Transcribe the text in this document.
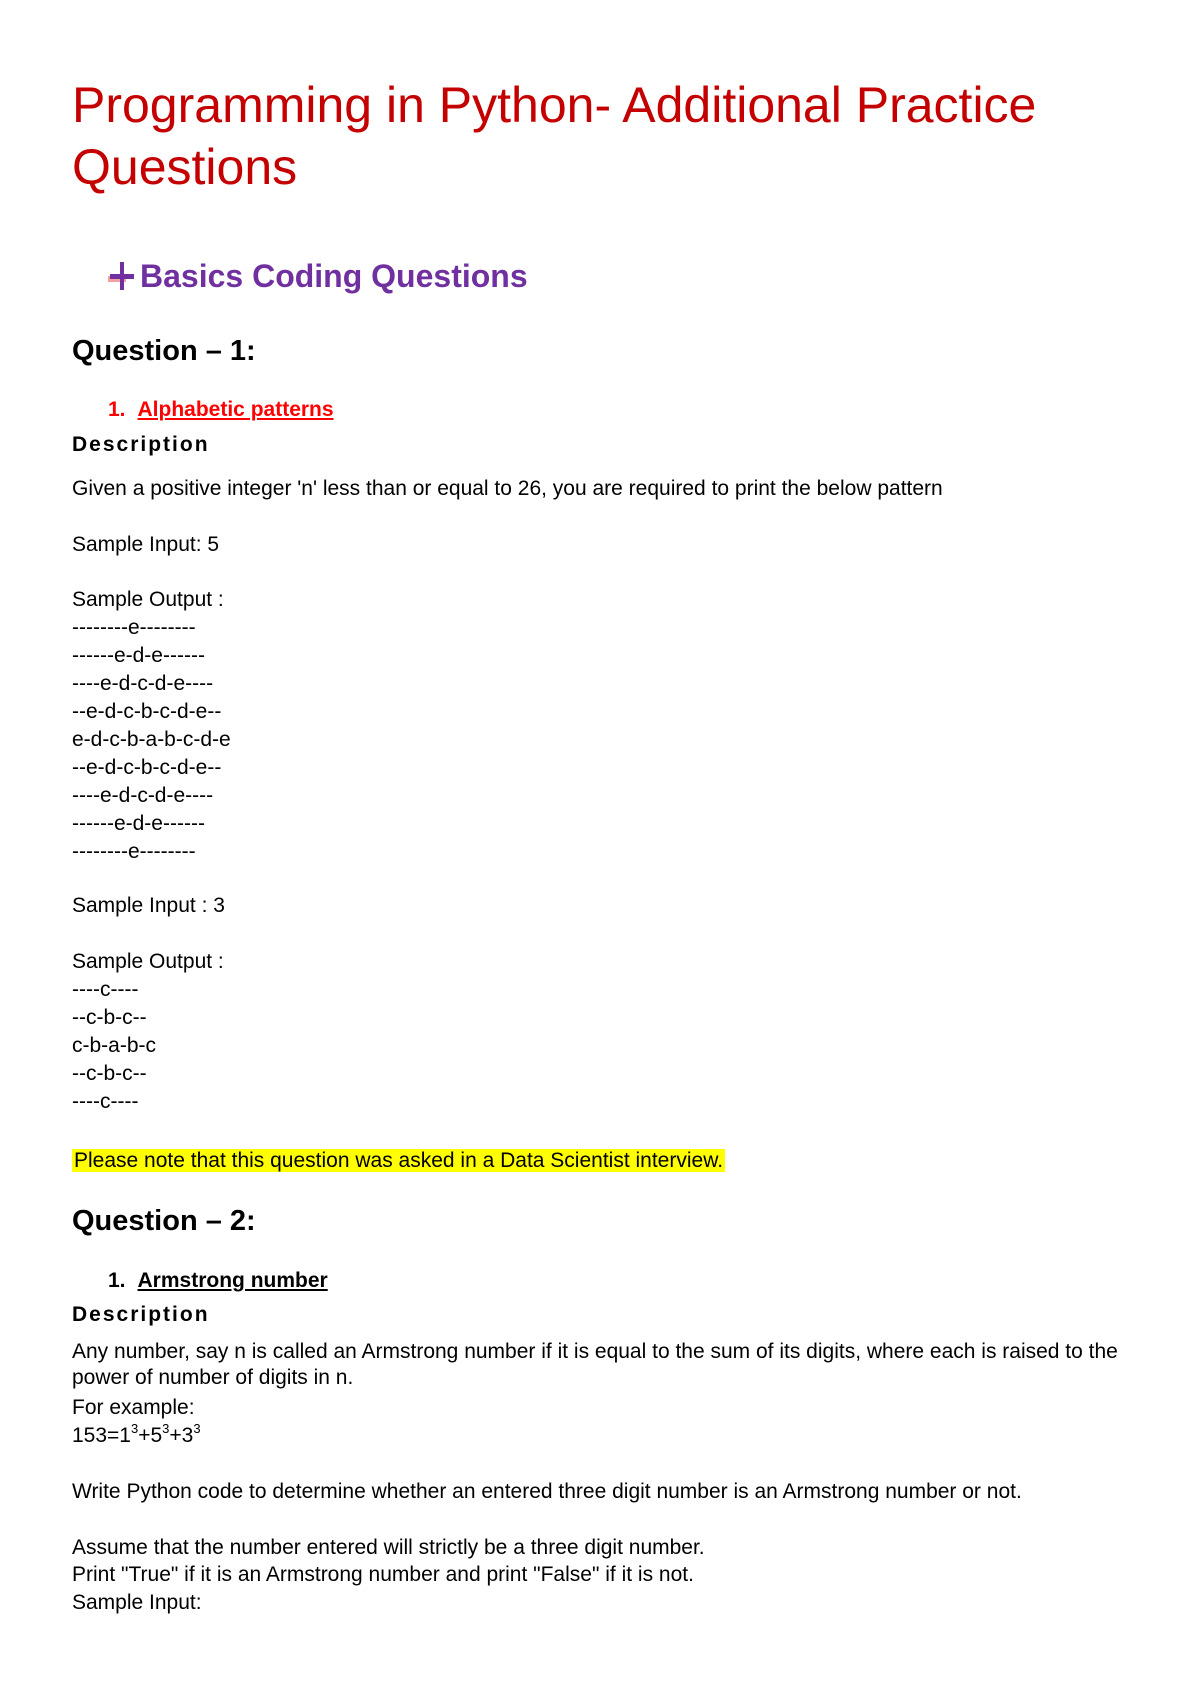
Programming in Python- Additional Practice Questions
Basics Coding Questions
Question – 1:
1. Alphabetic patterns
Description
Given a positive integer 'n' less than or equal to 26, you are required to print the below pattern
Sample Input: 5
Sample Output :
--------e--------
------e-d-e------
----e-d-c-d-e----
--e-d-c-b-c-d-e--
e-d-c-b-a-b-c-d-e
--e-d-c-b-c-d-e--
----e-d-c-d-e----
------e-d-e------
--------e--------
Sample Input : 3
Sample Output :
----c----
--c-b-c--
c-b-a-b-c
--c-b-c--
----c----
Please note that this question was asked in a Data Scientist interview.
Question – 2:
1. Armstrong number
Description
Any number, say n is called an Armstrong number if it is equal to the sum of its digits, where each is raised to the power of number of digits in n.
For example:
$153=1^3+5^3+3^3$
Write Python code to determine whether an entered three digit number is an Armstrong number or not.
Assume that the number entered will strictly be a three digit number.
Print "True" if it is an Armstrong number and print "False" if it is not.
Sample Input:
